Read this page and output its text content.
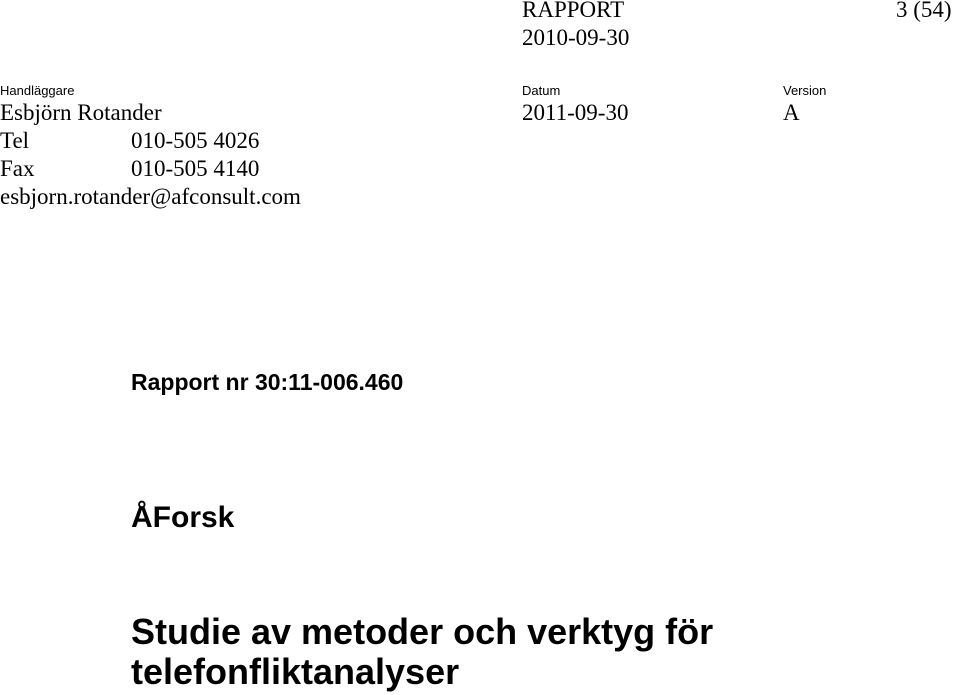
RAPPORT
2010-09-30
3 (54)
Handläggare	Datum	Version
Esbjörn Rotander	2011-09-30	A
Tel	010-505 4026
Fax	010-505 4140
esbjorn.rotander@afconsult.com
Rapport nr 30:11-006.460
ÅForsk
Studie av metoder och verktyg för
telefonfliktanalyser
